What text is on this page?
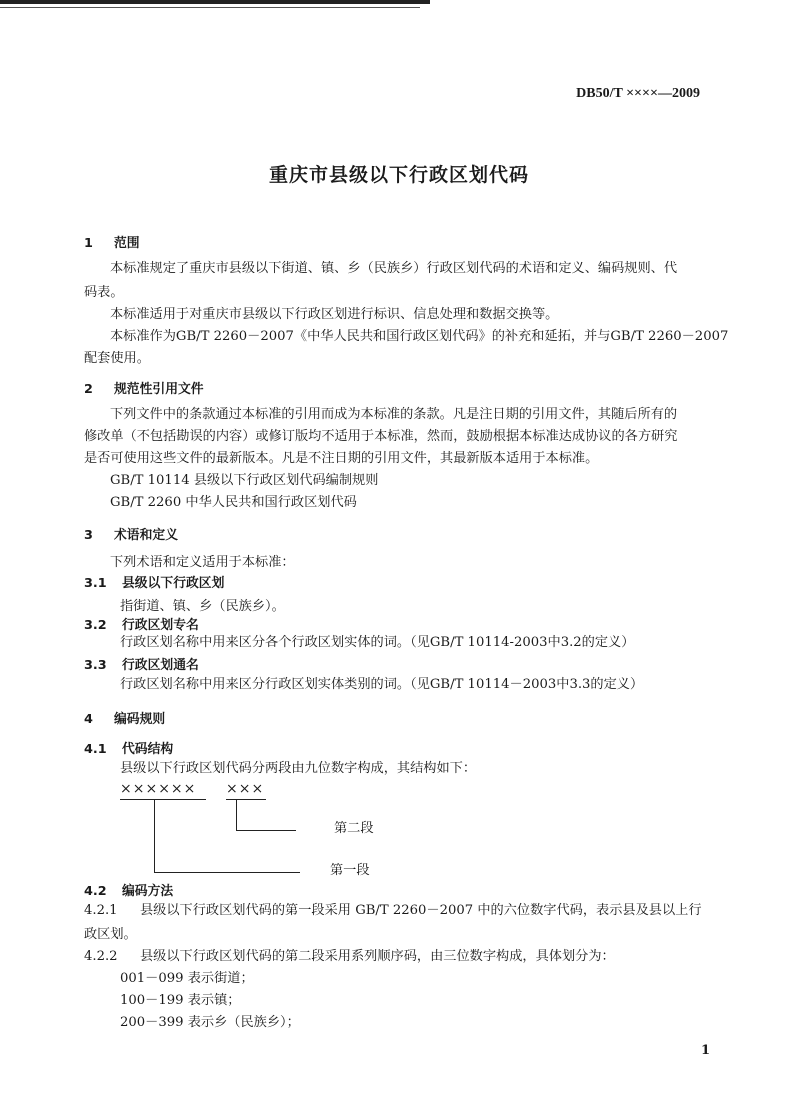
DB50/T ××××—2009
重庆市县级以下行政区划代码
1 范围
本标准规定了重庆市县级以下街道、镇、乡（民族乡）行政区划代码的术语和定义、编码规则、代
码表。
本标准适用于对重庆市县级以下行政区划进行标识、信息处理和数据交换等。
本标准作为GB/T 2260－2007《中华人民共和国行政区划代码》的补充和延拓，并与GB/T 2260－2007
配套使用。
2 规范性引用文件
下列文件中的条款通过本标准的引用而成为本标准的条款。凡是注日期的引用文件，其随后所有的
修改单（不包括勘误的内容）或修订版均不适用于本标准，然而，鼓励根据本标准达成协议的各方研究
是否可使用这些文件的最新版本。凡是不注日期的引用文件，其最新版本适用于本标准。
GB/T 10114 县级以下行政区划代码编制规则
GB/T 2260 中华人民共和国行政区划代码
3 术语和定义
下列术语和定义适用于本标准：
3.1 县级以下行政区划
指街道、镇、乡（民族乡）。
3.2 行政区划专名
行政区划名称中用来区分各个行政区划实体的词。（见GB/T 10114-2003中3.2的定义）
3.3 行政区划通名
行政区划名称中用来区分行政区划实体类别的词。（见GB/T 10114－2003中3.3的定义）
4 编码规则
4.1 代码结构
县级以下行政区划代码分两段由九位数字构成，其结构如下：
×××××× ×××
第二段
第一段
4.2 编码方法
4.2.1 县级以下行政区划代码的第一段采用 GB/T 2260－2007 中的六位数字代码，表示县及县以上行
政区划。
4.2.2 县级以下行政区划代码的第二段采用系列顺序码，由三位数字构成，具体划分为：
001－099 表示街道；
100－199 表示镇；
200－399 表示乡（民族乡）；
1
